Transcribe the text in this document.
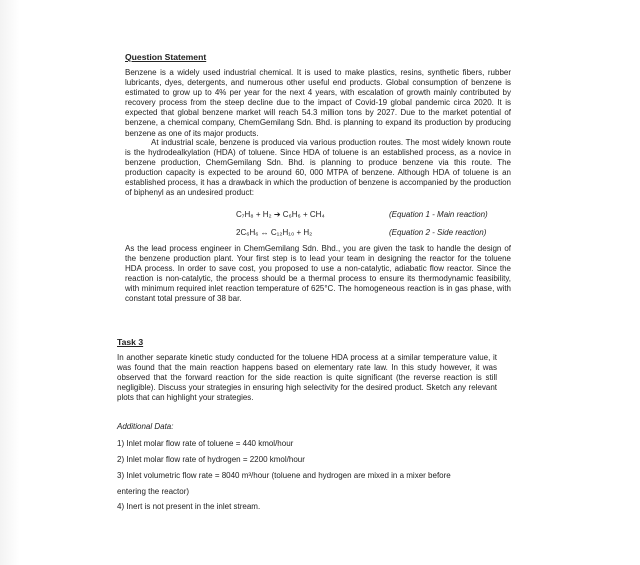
Question Statement

Benzene is a widely used industrial chemical. It is used to make plastics, resins, synthetic fibers, rubber lubricants, dyes, detergents, and numerous other useful end products. Global consumption of benzene is estimated to grow up to 4% per year for the next 4 years, with escalation of growth mainly contributed by recovery process from the steep decline due to the impact of Covid-19 global pandemic circa 2020. It is expected that global benzene market will reach 54.3 million tons by 2027. Due to the market potential of benzene, a chemical company, ChemGemilang Sdn. Bhd. is planning to expand its production by producing benzene as one of its major products.

At industrial scale, benzene is produced via various production routes. The most widely known route is the hydrodealkylation (HDA) of toluene. Since HDA of toluene is an established process, as a novice in benzene production, ChemGemilang Sdn. Bhd. is planning to produce benzene via this route. The production capacity is expected to be around 60, 000 MTPA of benzene. Although HDA of toluene is an established process, it has a drawback in which the production of benzene is accompanied by the production of biphenyl as an undesired product:

C₇H₈ + H₂ ➔ C₆H₆ + CH₄	(Equation 1 - Main reaction)
2C₆H₆ ↔ C₁₂H₁₀ + H₂	(Equation 2 - Side reaction)

As the lead process engineer in ChemGemilang Sdn. Bhd., you are given the task to handle the design of the benzene production plant. Your first step is to lead your team in designing the reactor for the toluene HDA process. In order to save cost, you proposed to use a non-catalytic, adiabatic flow reactor. Since the reaction is non-catalytic, the process should be a thermal process to ensure its thermodynamic feasibility, with minimum required inlet reaction temperature of 625°C. The homogeneous reaction is in gas phase, with constant total pressure of 38 bar.

Task 3

In another separate kinetic study conducted for the toluene HDA process at a similar temperature value, it was found that the main reaction happens based on elementary rate law. In this study however, it was observed that the forward reaction for the side reaction is quite significant (the reverse reaction is still negligible). Discuss your strategies in ensuring high selectivity for the desired product. Sketch any relevant plots that can highlight your strategies.

Additional Data:
1) Inlet molar flow rate of toluene = 440 kmol/hour
2) Inlet molar flow rate of hydrogen = 2200 kmol/hour
3) Inlet volumetric flow rate = 8040 m³/hour (toluene and hydrogen are mixed in a mixer before
entering the reactor)
4) Inert is not present in the inlet stream.
